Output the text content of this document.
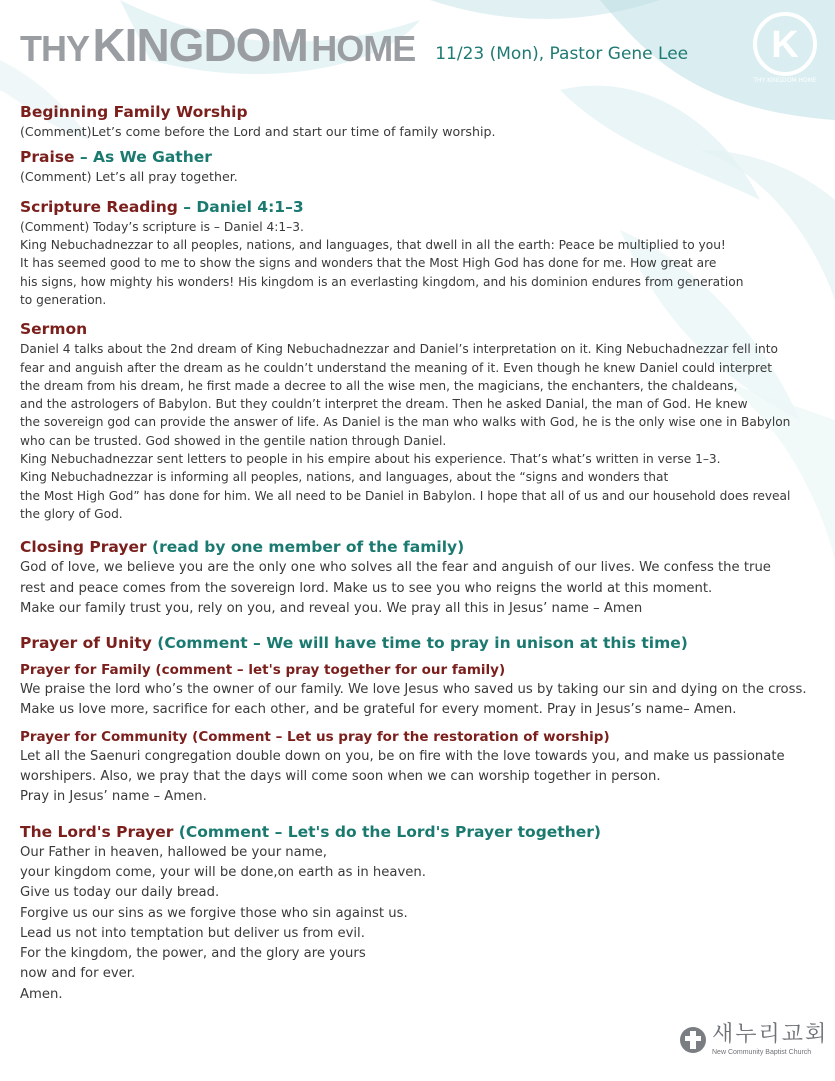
THY KINGDOM HOME 11/23 (Mon), Pastor Gene Lee K
THY KINGDOM HOME
Beginning Family Worship

(Comment)Let’s come before the Lord and start our time of family worship.

Praise – As We Gather

(Comment) Let’s all pray together.

Scripture Reading – Daniel 4:1–3

(Comment) Today’s scripture is – Daniel 4:1–3.

King Nebuchadnezzar to all peoples, nations, and languages, that dwell in all the earth: Peace be multiplied to you!

It has seemed good to me to show the signs and wonders that the Most High God has done for me. How great are

his signs, how mighty his wonders! His kingdom is an everlasting kingdom, and his dominion endures from generation

to generation.

Sermon

Daniel 4 talks about the 2nd dream of King Nebuchadnezzar and Daniel’s interpretation on it. King Nebuchadnezzar fell into

fear and anguish after the dream as he couldn’t understand the meaning of it. Even though he knew Daniel could interpret

the dream from his dream, he first made a decree to all the wise men, the magicians, the enchanters, the chaldeans,

and the astrologers of Babylon. But they couldn’t interpret the dream. Then he asked Danial, the man of God. He knew

the sovereign god can provide the answer of life. As Daniel is the man who walks with God, he is the only wise one in Babylon

who can be trusted. God showed in the gentile nation through Daniel.

King Nebuchadnezzar sent letters to people in his empire about his experience. That’s what’s written in verse 1–3.

King Nebuchadnezzar is informing all peoples, nations, and languages, about the “signs and wonders that

the Most High God” has done for him. We all need to be Daniel in Babylon. I hope that all of us and our household does reveal

the glory of God.

Closing Prayer (read by one member of the family)

God of love, we believe you are the only one who solves all the fear and anguish of our lives. We confess the true

rest and peace comes from the sovereign lord. Make us to see you who reigns the world at this moment.

Make our family trust you, rely on you, and reveal you. We pray all this in Jesus’ name – Amen

Prayer of Unity (Comment – We will have time to pray in unison at this time)
Prayer for Family (comment – let's pray together for our family)

We praise the lord who’s the owner of our family. We love Jesus who saved us by taking our sin and dying on the cross.

Make us love more, sacrifice for each other, and be grateful for every moment. Pray in Jesus’s name– Amen.

Prayer for Community (Comment – Let us pray for the restoration of worship)

Let all the Saenuri congregation double down on you, be on fire with the love towards you, and make us passionate

worshipers. Also, we pray that the days will come soon when we can worship together in person.

Pray in Jesus’ name – Amen.

The Lord's Prayer (Comment – Let's do the Lord's Prayer together)

Our Father in heaven, hallowed be your name,

your kingdom come, your will be done,on earth as in heaven.

Give us today our daily bread.

Forgive us our sins as we forgive those who sin against us.

Lead us not into temptation but deliver us from evil.

For the kingdom, the power, and the glory are yours

now and for ever.

Amen.

새누리교회
New Community Baptist Church
